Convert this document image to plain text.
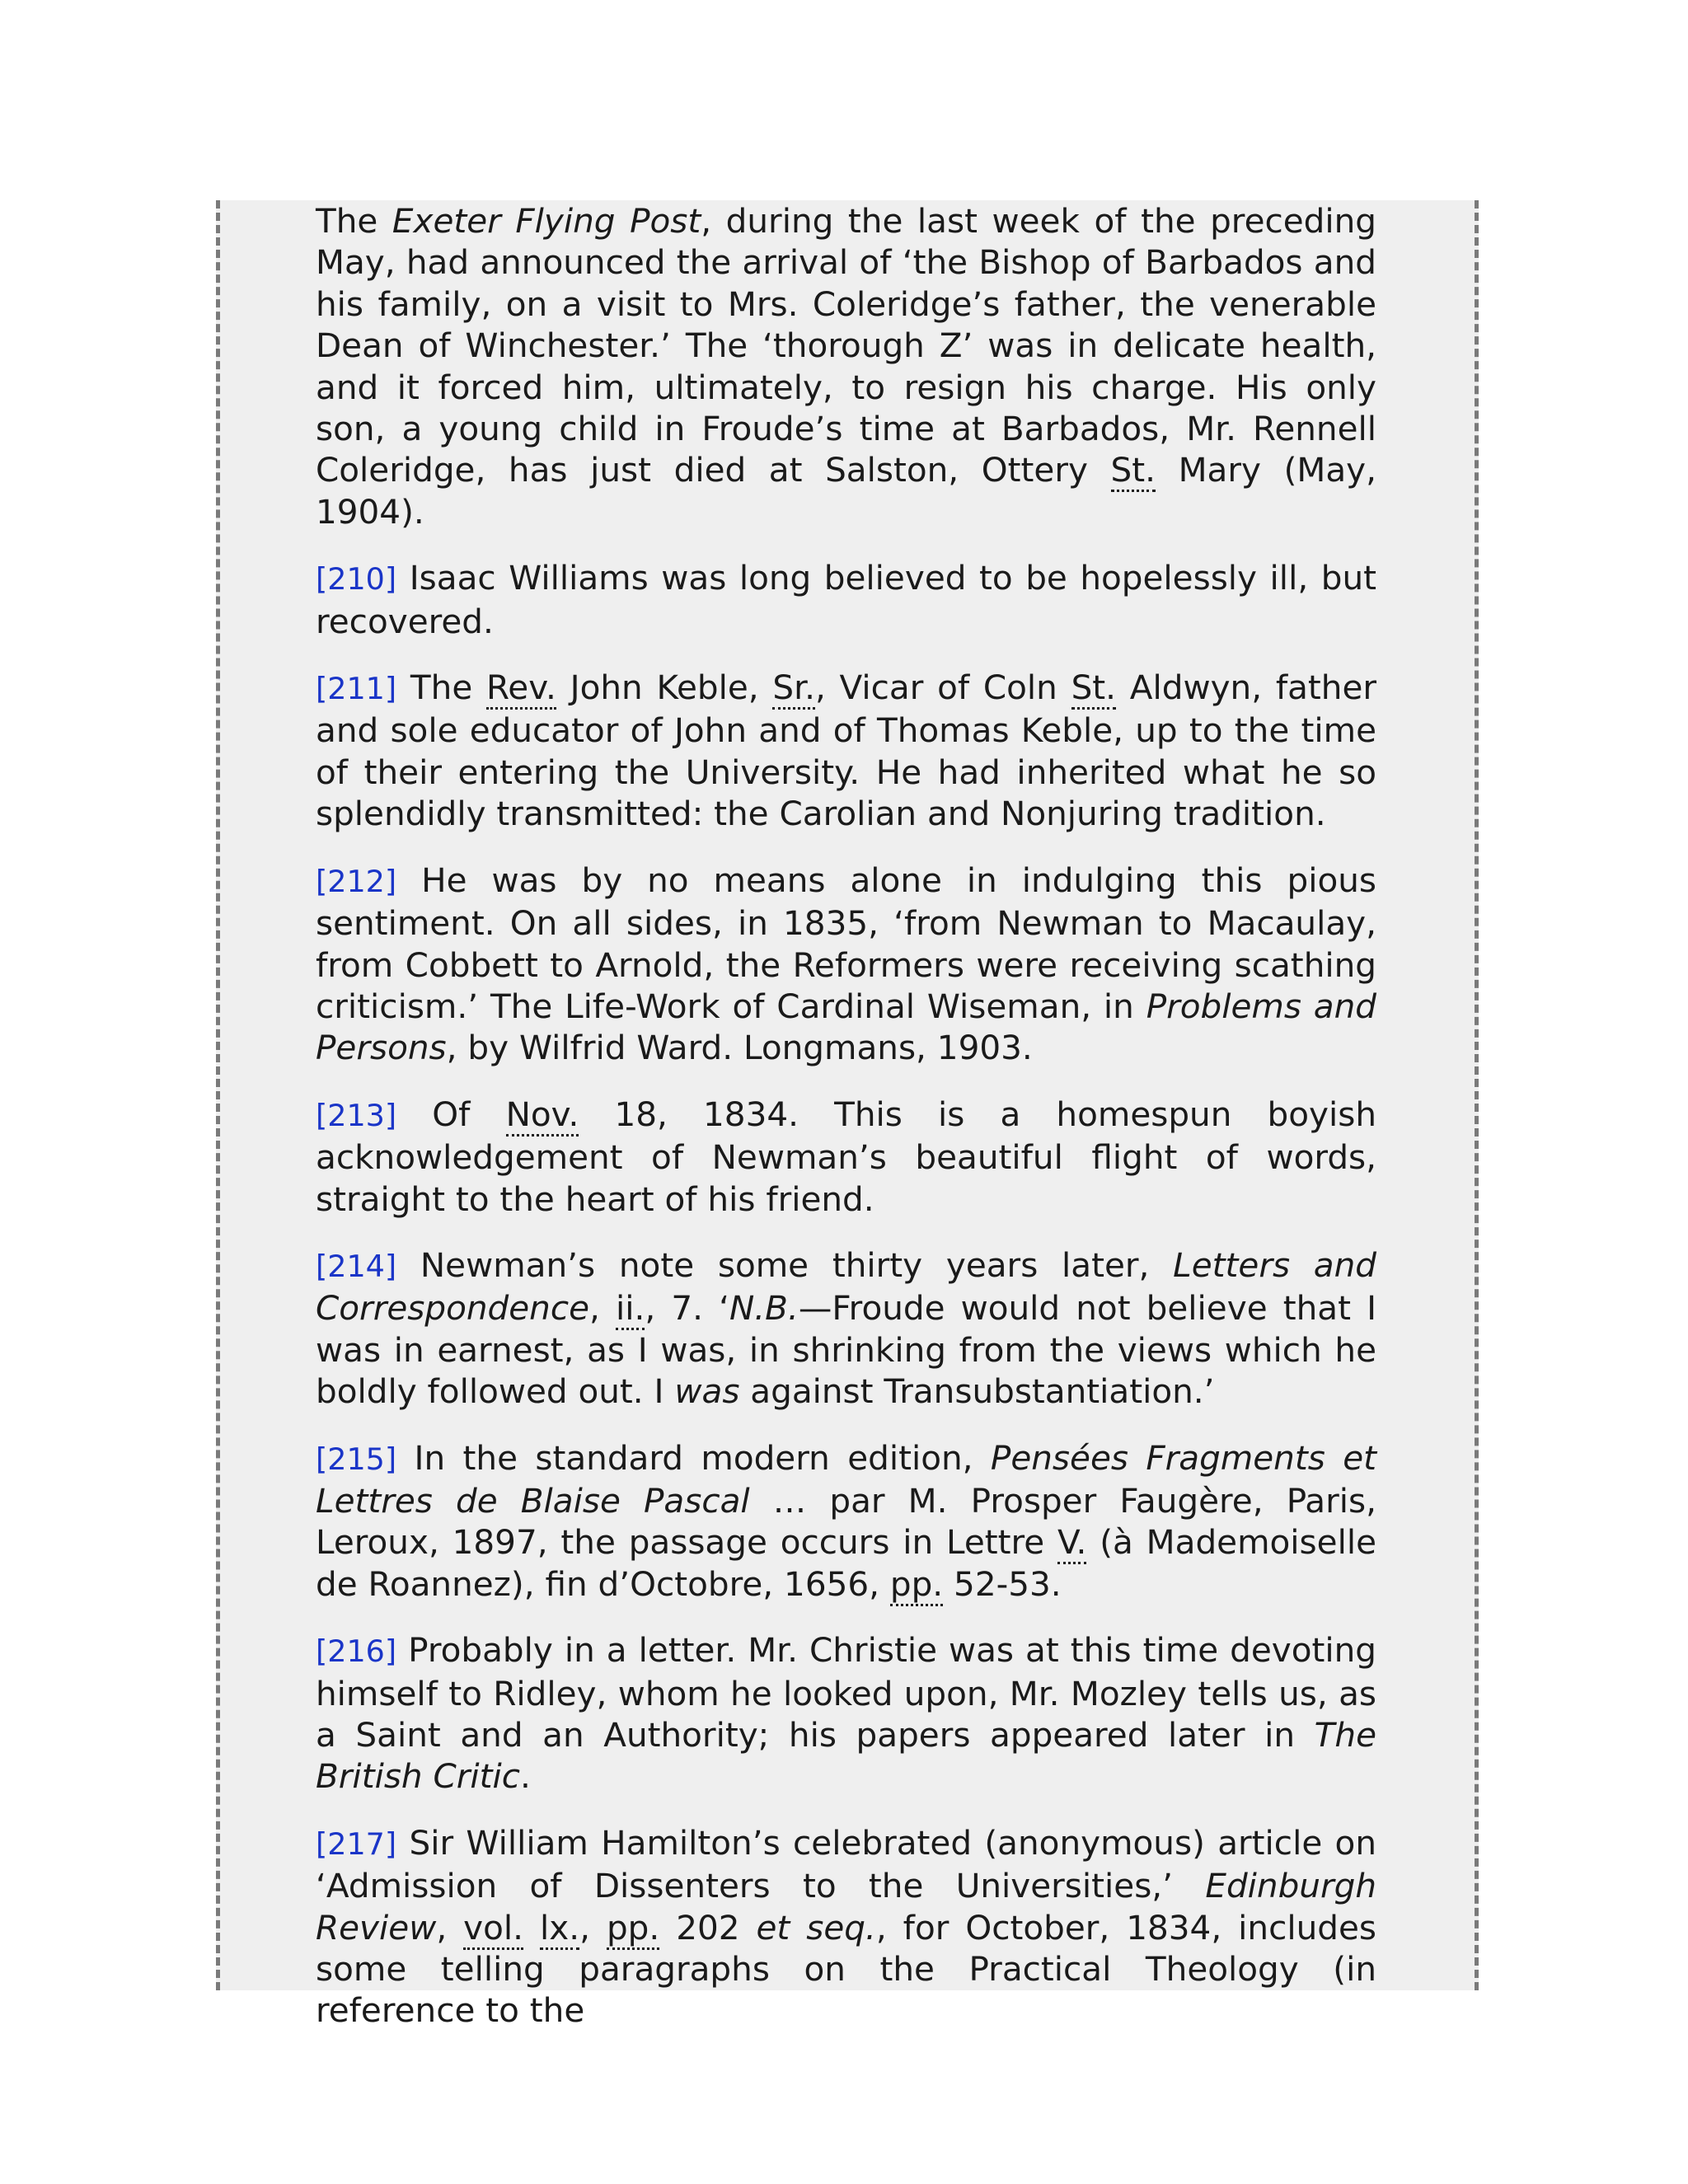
The Exeter Flying Post, during the last week of the preceding May, had announced the arrival of ‘the Bishop of Barbados and his family, on a visit to Mrs. Coleridge’s father, the venerable Dean of Winchester.’ The ‘thorough Z’ was in delicate health, and it forced him, ultimately, to resign his charge. His only son, a young child in Froude’s time at Barbados, Mr. Rennell Coleridge, has just died at Salston, Ottery St. Mary (May, 1904).

[210] Isaac Williams was long believed to be hopelessly ill, but recovered.

[211] The Rev. John Keble, Sr., Vicar of Coln St. Aldwyn, father and sole educator of John and of Thomas Keble, up to the time of their entering the University. He had inherited what he so splendidly transmitted: the Carolian and Nonjuring tradition.

[212] He was by no means alone in indulging this pious sentiment. On all sides, in 1835, ‘from Newman to Macaulay, from Cobbett to Arnold, the Reformers were receiving scathing criticism.’ The Life-Work of Cardinal Wiseman, in Problems and Persons, by Wilfrid Ward. Longmans, 1903.

[213] Of Nov. 18, 1834. This is a homespun boyish acknowledgement of Newman’s beautiful flight of words, straight to the heart of his friend.

[214] Newman’s note some thirty years later, Letters and Correspondence, ii., 7. ‘N.B.—Froude would not believe that I was in earnest, as I was, in shrinking from the views which he boldly followed out. I was against Transubstantiation.’

[215] In the standard modern edition, Pensées Fragments et Lettres de Blaise Pascal … par M. Prosper Faugère, Paris, Leroux, 1897, the passage occurs in Lettre V. (à Mademoiselle de Roannez), fin d’Octobre, 1656, pp. 52-53.

[216] Probably in a letter. Mr. Christie was at this time devoting himself to Ridley, whom he looked upon, Mr. Mozley tells us, as a Saint and an Authority; his papers appeared later in The British Critic.

[217] Sir William Hamilton’s celebrated (anonymous) article on ‘Admission of Dissenters to the Universities,’ Edinburgh Review, vol. lx., pp. 202 et seq., for October, 1834, includes some telling paragraphs on the Practical Theology (in reference to the
